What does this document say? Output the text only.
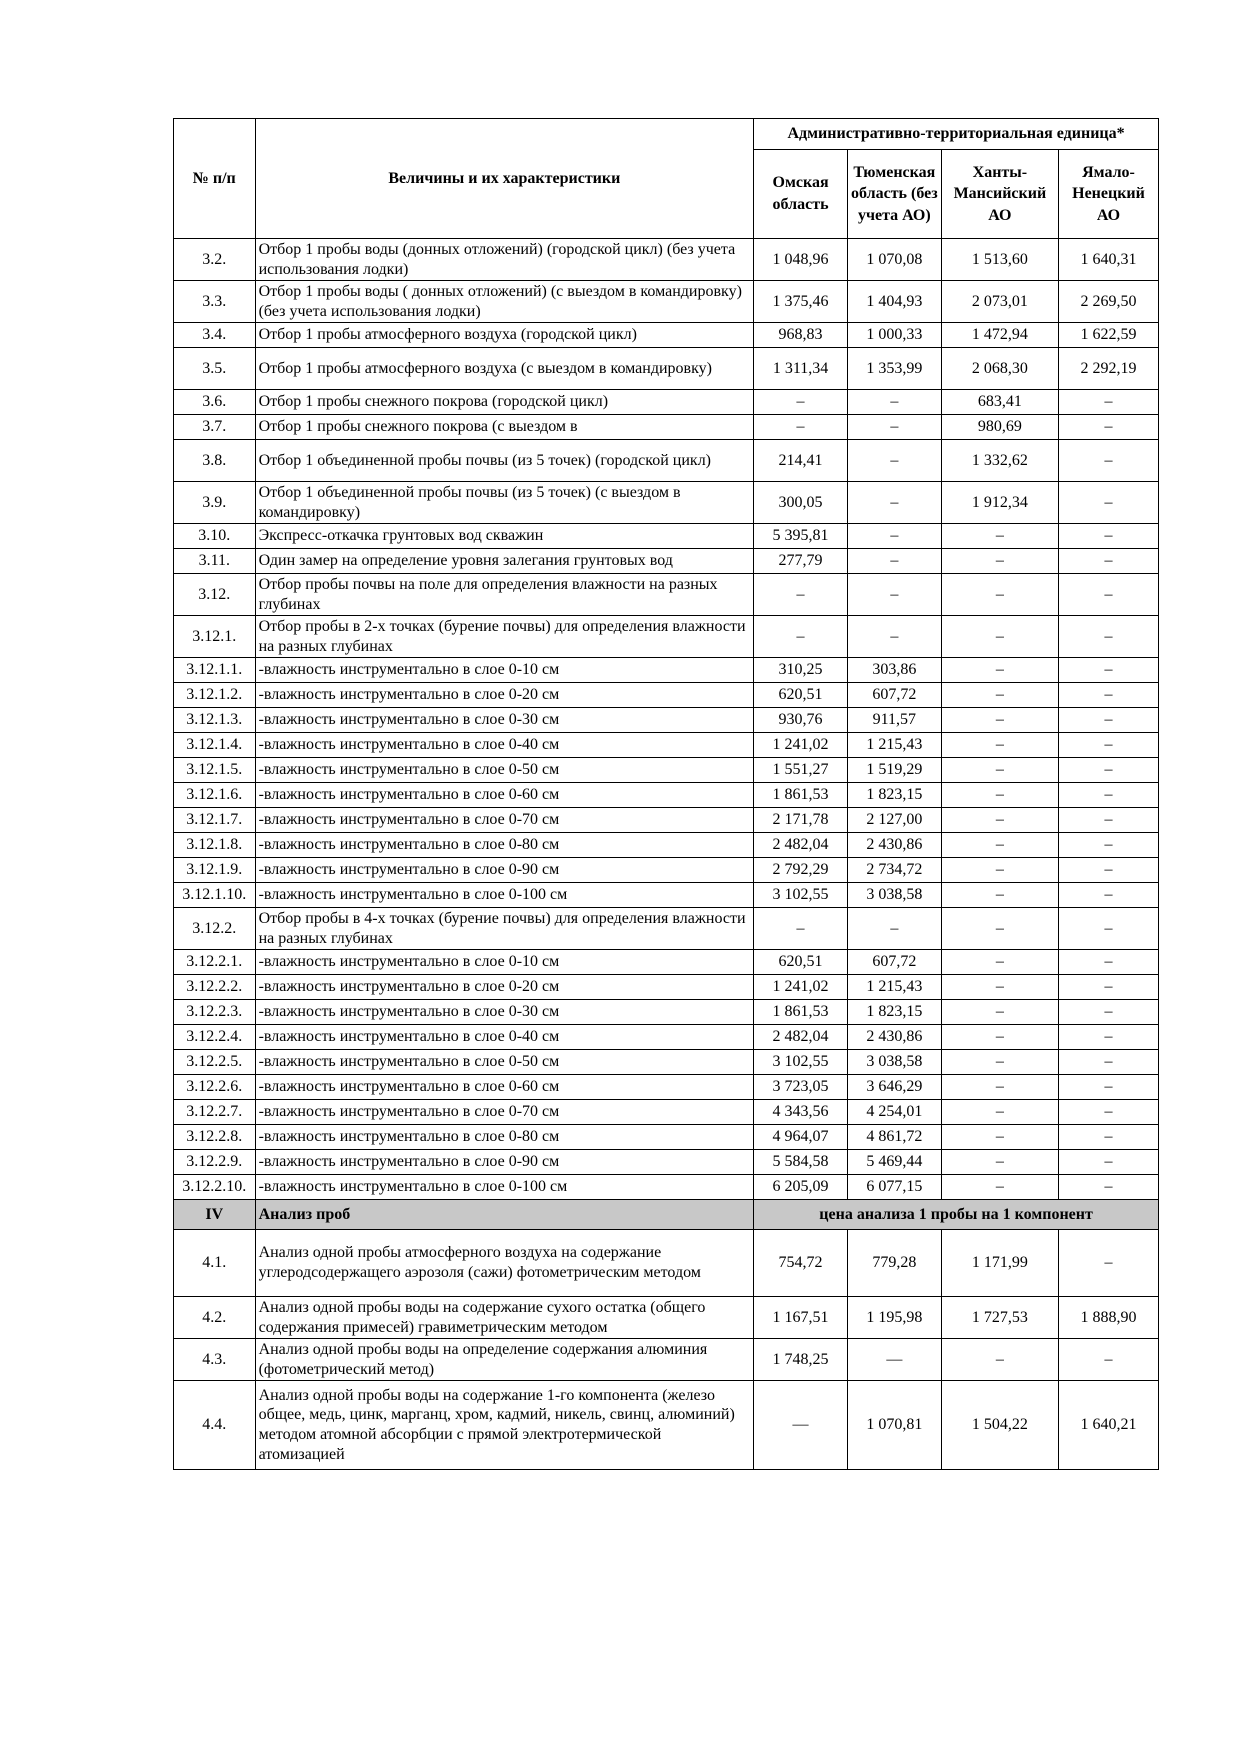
№ п/п	Величины и их характеристики	Административно-территориальная единица*			
		Омская область	Тюменская область (без учета АО)	Ханты-Мансийский АО	Ямало-Ненецкий АО
3.2.	Отбор 1 пробы воды (донных отложений) (городской цикл) (без учета использования лодки)	1 048,96	1 070,08	1 513,60	1 640,31
3.3.	Отбор 1 пробы воды ( донных отложений) (с выездом в командировку) (без учета использования лодки)	1 375,46	1 404,93	2 073,01	2 269,50
3.4.	Отбор 1 пробы атмосферного воздуха (городской цикл)	968,83	1 000,33	1 472,94	1 622,59
3.5.	Отбор 1 пробы атмосферного воздуха (с выездом в командировку)	1 311,34	1 353,99	2 068,30	2 292,19
3.6.	Отбор 1 пробы снежного покрова (городской цикл)	–	–	683,41	–
3.7.	Отбор 1 пробы снежного покрова (с выездом в	–	–	980,69	–
3.8.	Отбор 1 объединенной пробы почвы (из 5 точек) (городской цикл)	214,41	–	1 332,62	–
3.9.	Отбор 1 объединенной пробы почвы (из 5 точек) (с выездом в командировку)	300,05	–	1 912,34	–
3.10.	Экспресс-откачка грунтовых вод скважин	5 395,81	–	–	–
3.11.	Один замер на определение уровня залегания грунтовых вод	277,79	–	–	–
3.12.	Отбор пробы почвы на поле для определения влажности на разных глубинах	–	–	–	–
3.12.1.	Отбор пробы в 2-х точках (бурение почвы) для определения влажности на разных глубинах	–	–	–	–
3.12.1.1.	-влажность инструментально в слое 0-10 см	310,25	303,86	–	–
3.12.1.2.	-влажность инструментально в слое 0-20 см	620,51	607,72	–	–
3.12.1.3.	-влажность инструментально в слое 0-30 см	930,76	911,57	–	–
3.12.1.4.	-влажность инструментально в слое 0-40 см	1 241,02	1 215,43	–	–
3.12.1.5.	-влажность инструментально в слое 0-50 см	1 551,27	1 519,29	–	–
3.12.1.6.	-влажность инструментально в слое 0-60 см	1 861,53	1 823,15	–	–
3.12.1.7.	-влажность инструментально в слое 0-70 см	2 171,78	2 127,00	–	–
3.12.1.8.	-влажность инструментально в слое 0-80 см	2 482,04	2 430,86	–	–
3.12.1.9.	-влажность инструментально в слое 0-90 см	2 792,29	2 734,72	–	–
3.12.1.10.	-влажность инструментально в слое 0-100 см	3 102,55	3 038,58	–	–
3.12.2.	Отбор пробы в 4-х точках (бурение почвы) для определения влажности на разных глубинах	–	–	–	–
3.12.2.1.	-влажность инструментально в слое 0-10 см	620,51	607,72	–	–
3.12.2.2.	-влажность инструментально в слое 0-20 см	1 241,02	1 215,43	–	–
3.12.2.3.	-влажность инструментально в слое 0-30 см	1 861,53	1 823,15	–	–
3.12.2.4.	-влажность инструментально в слое 0-40 см	2 482,04	2 430,86	–	–
3.12.2.5.	-влажность инструментально в слое 0-50 см	3 102,55	3 038,58	–	–
3.12.2.6.	-влажность инструментально в слое 0-60 см	3 723,05	3 646,29	–	–
3.12.2.7.	-влажность инструментально в слое 0-70 см	4 343,56	4 254,01	–	–
3.12.2.8.	-влажность инструментально в слое 0-80 см	4 964,07	4 861,72	–	–
3.12.2.9.	-влажность инструментально в слое 0-90 см	5 584,58	5 469,44	–	–
3.12.2.10.	-влажность инструментально в слое 0-100 см	6 205,09	6 077,15	–	–
IV	Анализ проб	цена анализа 1 пробы на 1 компонент			
4.1.	Анализ одной пробы атмосферного воздуха на содержание углеродсодержащего аэрозоля (сажи) фотометрическим методом	754,72	779,28	1 171,99	–
4.2.	Анализ одной пробы воды на содержание сухого остатка (общего содержания примесей) гравиметрическим методом	1 167,51	1 195,98	1 727,53	1 888,90
4.3.	Анализ одной пробы воды на определение содержания алюминия (фотометрический метод)	1 748,25	—	–	–
4.4.	Анализ одной пробы воды на содержание 1-го компонента (железо общее, медь, цинк, марганц, хром, кадмий, никель, свинц, алюминий) методом атомной абсорбции с прямой электротермической атомизацией	—	1 070,81	1 504,22	1 640,21
